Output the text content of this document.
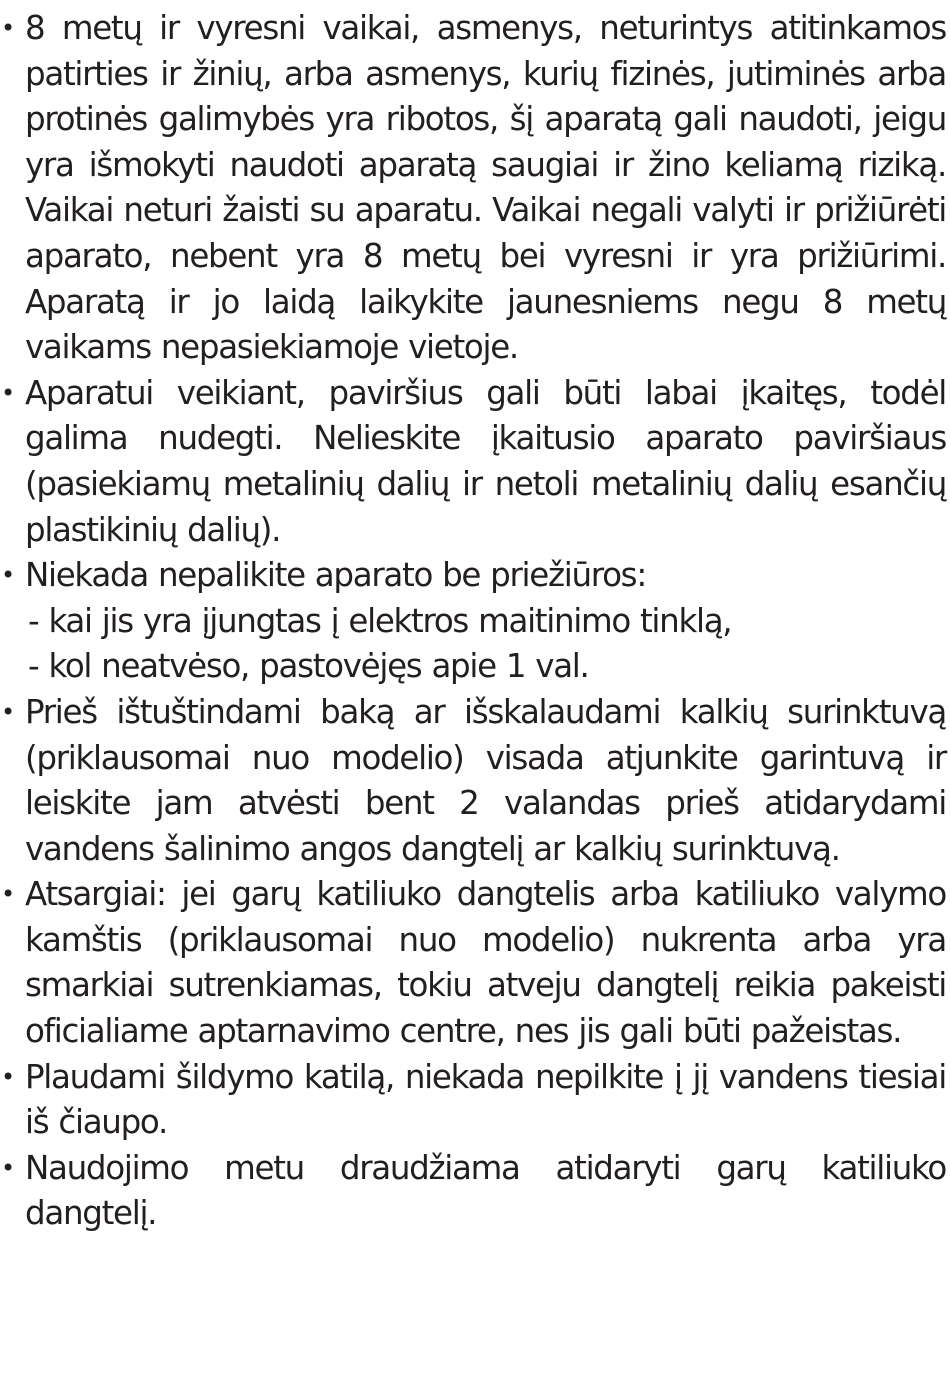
• 8 metų ir vyresni vaikai, asmenys, neturintys atitinkamos patirties ir žinių, arba asmenys, kurių fizinės, jutiminės arba protinės galimybės yra ribotos, šį aparatą gali naudoti, jeigu yra išmokyti naudoti aparatą saugiai ir žino keliamą riziką. Vaikai neturi žaisti su aparatu. Vaikai negali valyti ir prižiūrėti aparato, nebent yra 8 metų bei vyresni ir yra prižiūrimi. Aparatą ir jo laidą laikykite jaunesniems negu 8 metų vaikams nepasiekiamoje vietoje.
• Aparatui veikiant, paviršius gali būti labai įkaitęs, todėl galima nudegti. Nelieskite įkaitusio aparato paviršiaus (pasiekiamų metalinių dalių ir netoli metalinių dalių esančių plastikinių dalių).
• Niekada nepalikite aparato be priežiūros:
- kai jis yra įjungtas į elektros maitinimo tinklą,
- kol neatvėso, pastovėjęs apie 1 val.
• Prieš ištuštindami baką ar išskalaudami kalkių surinktuvą (priklausomai nuo modelio) visada atjunkite garintuvą ir leiskite jam atvėsti bent 2 valandas prieš atidarydami vandens šalinimo angos dangtelį ar kalkių surinktuvą.
• Atsargiai: jei garų katiliuko dangtelis arba katiliuko valymo kamštis (priklausomai nuo modelio) nukrenta arba yra smarkiai sutrenkiamas, tokiu atveju dangtelį reikia pakeisti oficialiame aptarnavimo centre, nes jis gali būti pažeistas.
• Plaudami šildymo katilą, niekada nepilkite į jį vandens tiesiai iš čiaupo.
• Naudojimo metu draudžiama atidaryti garų katiliuko dangtelį.
